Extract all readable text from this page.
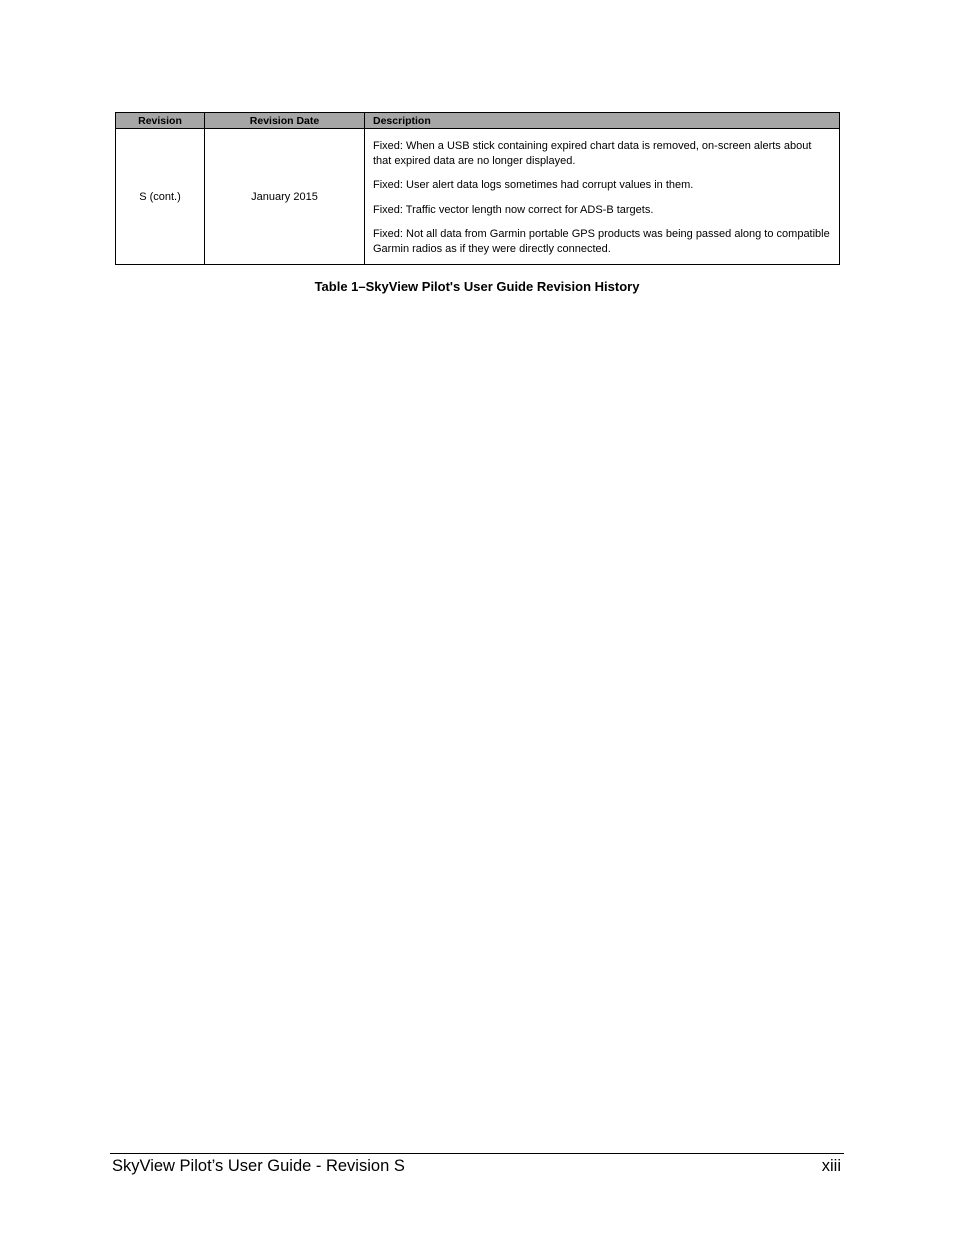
Revision	Revision Date	Description
S (cont.)	January 2015	Fixed: When a USB stick containing expired chart data is removed, on-screen alerts about that expired data are no longer displayed.

Fixed: User alert data logs sometimes had corrupt values in them.

Fixed: Traffic vector length now correct for ADS-B targets.

Fixed: Not all data from Garmin portable GPS products was being passed along to compatible Garmin radios as if they were directly connected.

Table 1–SkyView Pilot's User Guide Revision History
SkyView Pilot’s User Guide - Revision S	xiii
